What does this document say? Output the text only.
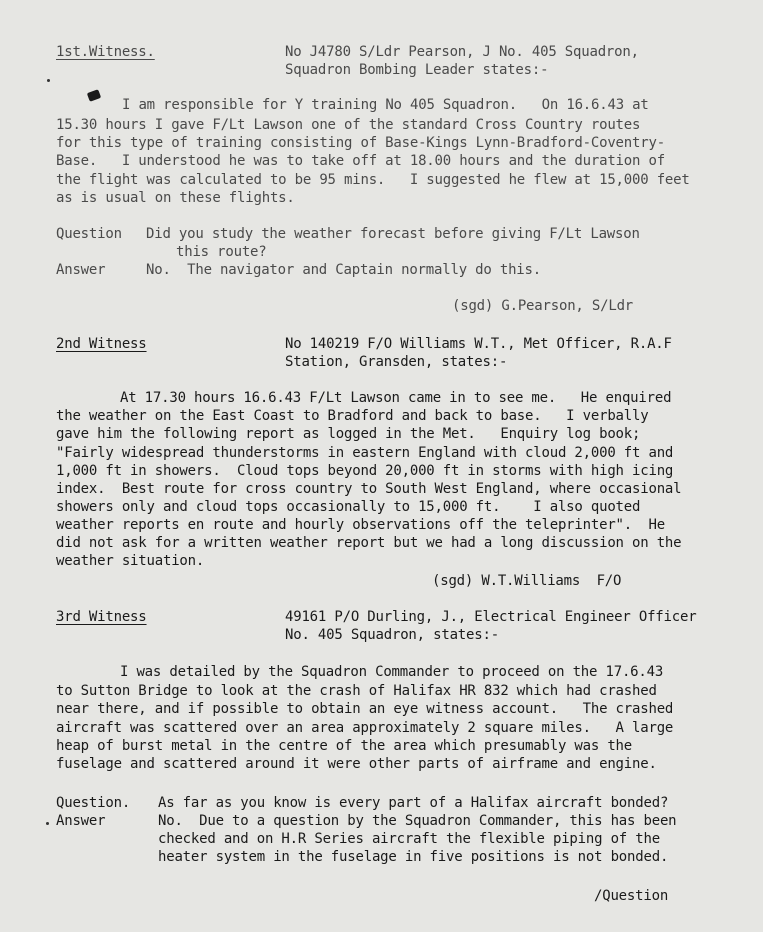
1st.Witness.	No J4780 S/Ldr Pearson, J No. 405 Squadron,
Squadron Bombing Leader states:-
I am responsible for Y training No 405 Squadron.   On 16.6.43 at
15.30 hours I gave F/Lt Lawson one of the standard Cross Country routes
for this type of training consisting of Base-Kings Lynn-Bradford-Coventry-
Base.   I understood he was to take off at 18.00 hours and the duration of
the flight was calculated to be 95 mins.   I suggested he flew at 15,000 feet
as is usual on these flights.
Question Did you study the weather forecast before giving F/Lt Lawson
this route?
Answer	No.  The navigator and Captain normally do this.
(sgd) G.Pearson, S/Ldr
2nd Witness	No 140219 F/O Williams W.T., Met Officer, R.A.F
Station, Gransden, states:-
At 17.30 hours 16.6.43 F/Lt Lawson came in to see me.   He enquired
the weather on the East Coast to Bradford and back to base.   I verbally
gave him the following report as logged in the Met.   Enquiry log book;
"Fairly widespread thunderstorms in eastern England with cloud 2,000 ft and
1,000 ft in showers.  Cloud tops beyond 20,000 ft in storms with high icing
index.  Best route for cross country to South West England, where occasional
showers only and cloud tops occasionally to 15,000 ft.    I also quoted
weather reports en route and hourly observations off the teleprinter".  He
did not ask for a written weather report but we had a long discussion on the
weather situation.
(sgd) W.T.Williams  F/O
3rd Witness	49161 P/O Durling, J., Electrical Engineer Officer
No. 405 Squadron, states:-
I was detailed by the Squadron Commander to proceed on the 17.6.43
to Sutton Bridge to look at the crash of Halifax HR 832 which had crashed
near there, and if possible to obtain an eye witness account.   The crashed
aircraft was scattered over an area approximately 2 square miles.   A large
heap of burst metal in the centre of the area which presumably was the
fuselage and scattered around it were other parts of airframe and engine.
Question. As far as you know is every part of a Halifax aircraft bonded?
Answer	No.  Due to a question by the Squadron Commander, this has been
checked and on H.R Series aircraft the flexible piping of the
heater system in the fuselage in five positions is not bonded.
/Question
